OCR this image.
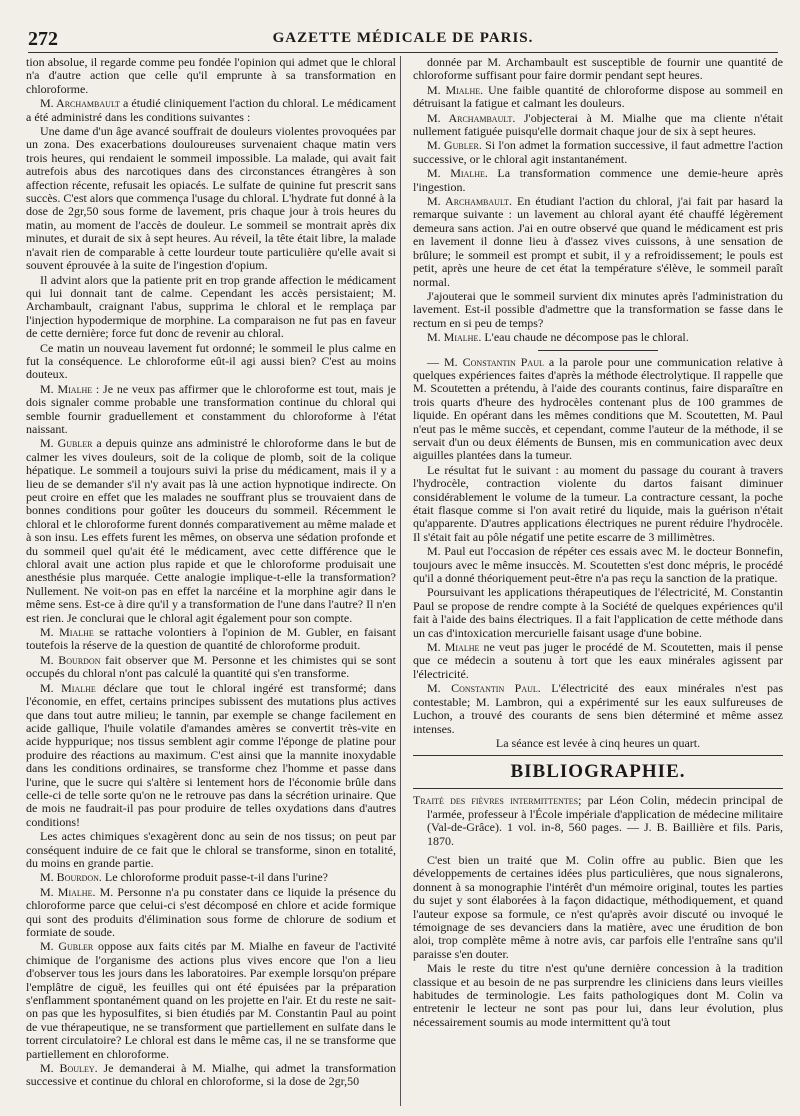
272	GAZETTE MÉDICALE DE PARIS.

tion absolue, il regarde comme peu fondée l'opinion qui admet que le chloral n'a d'autre action que celle qu'il emprunte à sa transformation en chloroforme.

M. Archambault a étudié cliniquement l'action du chloral. Le médicament a été administré dans les conditions suivantes :

Une dame d'un âge avancé souffrait de douleurs violentes provoquées par un zona. Des exacerbations douloureuses survenaient chaque matin vers trois heures, qui rendaient le sommeil impossible. La malade, qui avait fait autrefois abus des narcotiques dans des circonstances étrangères à son affection récente, refusait les opiacés. Le sulfate de quinine fut prescrit sans succès. C'est alors que commença l'usage du chloral. L'hydrate fut donné à la dose de 2gr,50 sous forme de lavement, pris chaque jour à trois heures du matin, au moment de l'accès de douleur. Le sommeil se montrait après dix minutes, et durait de six à sept heures. Au réveil, la tête était libre, la malade n'avait rien de comparable à cette lourdeur toute particulière qu'elle avait si souvent éprouvée à la suite de l'ingestion d'opium.

Il advint alors que la patiente prit en trop grande affection le médicament qui lui donnait tant de calme. Cependant les accès persistaient; M. Archambault, craignant l'abus, supprima le chloral et le remplaça par l'injection hypodermique de morphine. La comparaison ne fut pas en faveur de cette dernière; force fut donc de revenir au chloral.

Ce matin un nouveau lavement fut ordonné; le sommeil le plus calme en fut la conséquence. Le chloroforme eût-il agi aussi bien? C'est au moins douteux.

M. Mialhe : Je ne veux pas affirmer que le chloroforme est tout, mais je dois signaler comme probable une transformation continue du chloral qui semble fournir graduellement et constamment du chloroforme à l'état naissant.

M. Gubler a depuis quinze ans administré le chloroforme dans le but de calmer les vives douleurs, soit de la colique de plomb, soit de la colique hépatique. Le sommeil a toujours suivi la prise du médicament, mais il y a lieu de se demander s'il n'y avait pas là une action hypnotique indirecte. On peut croire en effet que les malades ne souffrant plus se trouvaient dans de bonnes conditions pour goûter les douceurs du sommeil. Récemment le chloral et le chloroforme furent donnés comparativement au même malade et à son insu. Les effets furent les mêmes, on observa une sédation profonde et du sommeil quel qu'ait été le médicament, avec cette différence que le chloral avait une action plus rapide et que le chloroforme produisait une anesthésie plus marquée. Cette analogie implique-t-elle la transformation? Nullement. Ne voit-on pas en effet la narcéine et la morphine agir dans le même sens. Est-ce à dire qu'il y a transformation de l'une dans l'autre? Il n'en est rien. Je conclurai que le chloral agit également pour son compte.

M. Mialhe se rattache volontiers à l'opinion de M. Gubler, en faisant toutefois la réserve de la question de quantité de chloroforme produit.

M. Bourdon fait observer que M. Personne et les chimistes qui se sont occupés du chloral n'ont pas calculé la quantité qui s'en transforme.

M. Mialhe déclare que tout le chloral ingéré est transformé; dans l'économie, en effet, certains principes subissent des mutations plus actives que dans tout autre milieu; le tannin, par exemple se change facilement en acide gallique, l'huile volatile d'amandes amères se convertit très-vite en acide hyppurique; nos tissus semblent agir comme l'éponge de platine pour produire des réactions au maximum. C'est ainsi que la mannite inoxydable dans les conditions ordinaires, se transforme chez l'homme et passe dans l'urine, que le sucre qui s'altère si lentement hors de l'économie brûle dans celle-ci de telle sorte qu'on ne le retrouve pas dans la sécrétion urinaire. Que de mois ne faudrait-il pas pour produire de telles oxydations dans d'autres conditions!

Les actes chimiques s'exagèrent donc au sein de nos tissus; on peut par conséquent induire de ce fait que le chloral se transforme, sinon en totalité, du moins en grande partie.

M. Bourdon. Le chloroforme produit passe-t-il dans l'urine?

M. Mialhe. M. Personne n'a pu constater dans ce liquide la présence du chloroforme parce que celui-ci s'est décomposé en chlore et acide formique qui sont des produits d'élimination sous forme de chlorure de sodium et formiate de soude.

M. Gubler oppose aux faits cités par M. Mialhe en faveur de l'activité chimique de l'organisme des actions plus vives encore que l'on a lieu d'observer tous les jours dans les laboratoires. Par exemple lorsqu'on prépare l'emplâtre de ciguë, les feuilles qui ont été épuisées par la préparation s'enflamment spontanément quand on les projette en l'air. Et du reste ne sait-on pas que les hyposulfites, si bien étudiés par M. Constantin Paul au point de vue thérapeutique, ne se transforment que partiellement en sulfate dans le torrent circulatoire? Le chloral est dans le même cas, il ne se transforme que partiellement en chloroforme.

M. Bouley. Je demanderai à M. Mialhe, qui admet la transformation successive et continue du chloral en chloroforme, si la dose de 2gr,50

donnée par M. Archambault est susceptible de fournir une quantité de chloroforme suffisant pour faire dormir pendant sept heures.

M. Mialhe. Une faible quantité de chloroforme dispose au sommeil en détruisant la fatigue et calmant les douleurs.

M. Archambault. J'objecterai à M. Mialhe que ma cliente n'était nullement fatiguée puisqu'elle dormait chaque jour de six à sept heures.

M. Gubler. Si l'on admet la formation successive, il faut admettre l'action successive, or le chloral agit instantanément.

M. Mialhe. La transformation commence une demie-heure après l'ingestion.

M. Archambault. En étudiant l'action du chloral, j'ai fait par hasard la remarque suivante : un lavement au chloral ayant été chauffé légèrement demeura sans action. J'ai en outre observé que quand le médicament est pris en lavement il donne lieu à d'assez vives cuissons, à une sensation de brûlure; le sommeil est prompt et subit, il y a refroidissement; le pouls est petit, après une heure de cet état la température s'élève, le sommeil paraît normal.

J'ajouterai que le sommeil survient dix minutes après l'administration du lavement. Est-il possible d'admettre que la transformation se fasse dans le rectum en si peu de temps?

M. Mialhe. L'eau chaude ne décompose pas le chloral.

— M. Constantin Paul a la parole pour une communication relative à quelques expériences faites d'après la méthode électrolytique. Il rappelle que M. Scoutetten a prétendu, à l'aide des courants continus, faire disparaître en trois quarts d'heure des hydrocèles contenant plus de 100 grammes de liquide. En opérant dans les mêmes conditions que M. Scoutetten, M. Paul n'eut pas le même succès, et cependant, comme l'auteur de la méthode, il se servait d'un ou deux éléments de Bunsen, mis en communication avec deux aiguilles plantées dans la tumeur.

Le résultat fut le suivant : au moment du passage du courant à travers l'hydrocèle, contraction violente du dartos faisant diminuer considérablement le volume de la tumeur. La contracture cessant, la poche était flasque comme si l'on avait retiré du liquide, mais la guérison n'était qu'apparente. D'autres applications électriques ne purent réduire l'hydrocèle. Il s'était fait au pôle négatif une petite escarre de 3 millimètres.

M. Paul eut l'occasion de répéter ces essais avec M. le docteur Bonnefin, toujours avec le même insuccès. M. Scoutetten s'est donc mépris, le procédé qu'il a donné théoriquement peut-être n'a pas reçu la sanction de la pratique.

Poursuivant les applications thérapeutiques de l'électricité, M. Constantin Paul se propose de rendre compte à la Société de quelques expériences qu'il fait à l'aide des bains électriques. Il a fait l'application de cette méthode dans un cas d'intoxication mercurielle faisant usage d'une bobine.

M. Mialhe ne veut pas juger le procédé de M. Scoutetten, mais il pense que ce médecin a soutenu à tort que les eaux minérales agissent par l'électricité.

M. Constantin Paul. L'électricité des eaux minérales n'est pas contestable; M. Lambron, qui a expérimenté sur les eaux sulfureuses de Luchon, a trouvé des courants de sens bien déterminé et même assez intenses.

La séance est levée à cinq heures un quart.

BIBLIOGRAPHIE.

Traité des fièvres intermittentes; par Léon Colin, médecin principal de l'armée, professeur à l'École impériale d'application de médecine militaire (Val-de-Grâce). 1 vol. in-8, 560 pages. — J. B. Baillière et fils. Paris, 1870.

C'est bien un traité que M. Colin offre au public. Bien que les développements de certaines idées plus particulières, que nous signalerons, donnent à sa monographie l'intérêt d'un mémoire original, toutes les parties du sujet y sont élaborées à la façon didactique, méthodiquement, et quand l'auteur expose sa formule, ce n'est qu'après avoir discuté ou invoqué le témoignage de ses devanciers dans la matière, avec une érudition de bon aloi, trop complète même à notre avis, car parfois elle l'entraîne sans qu'il paraisse s'en douter.

Mais le reste du titre n'est qu'une dernière concession à la tradition classique et au besoin de ne pas surprendre les cliniciens dans leurs vieilles habitudes de terminologie. Les faits pathologiques dont M. Colin va entretenir le lecteur ne sont pas pour lui, dans leur évolution, plus nécessairement soumis au mode intermittent qu'à tout
